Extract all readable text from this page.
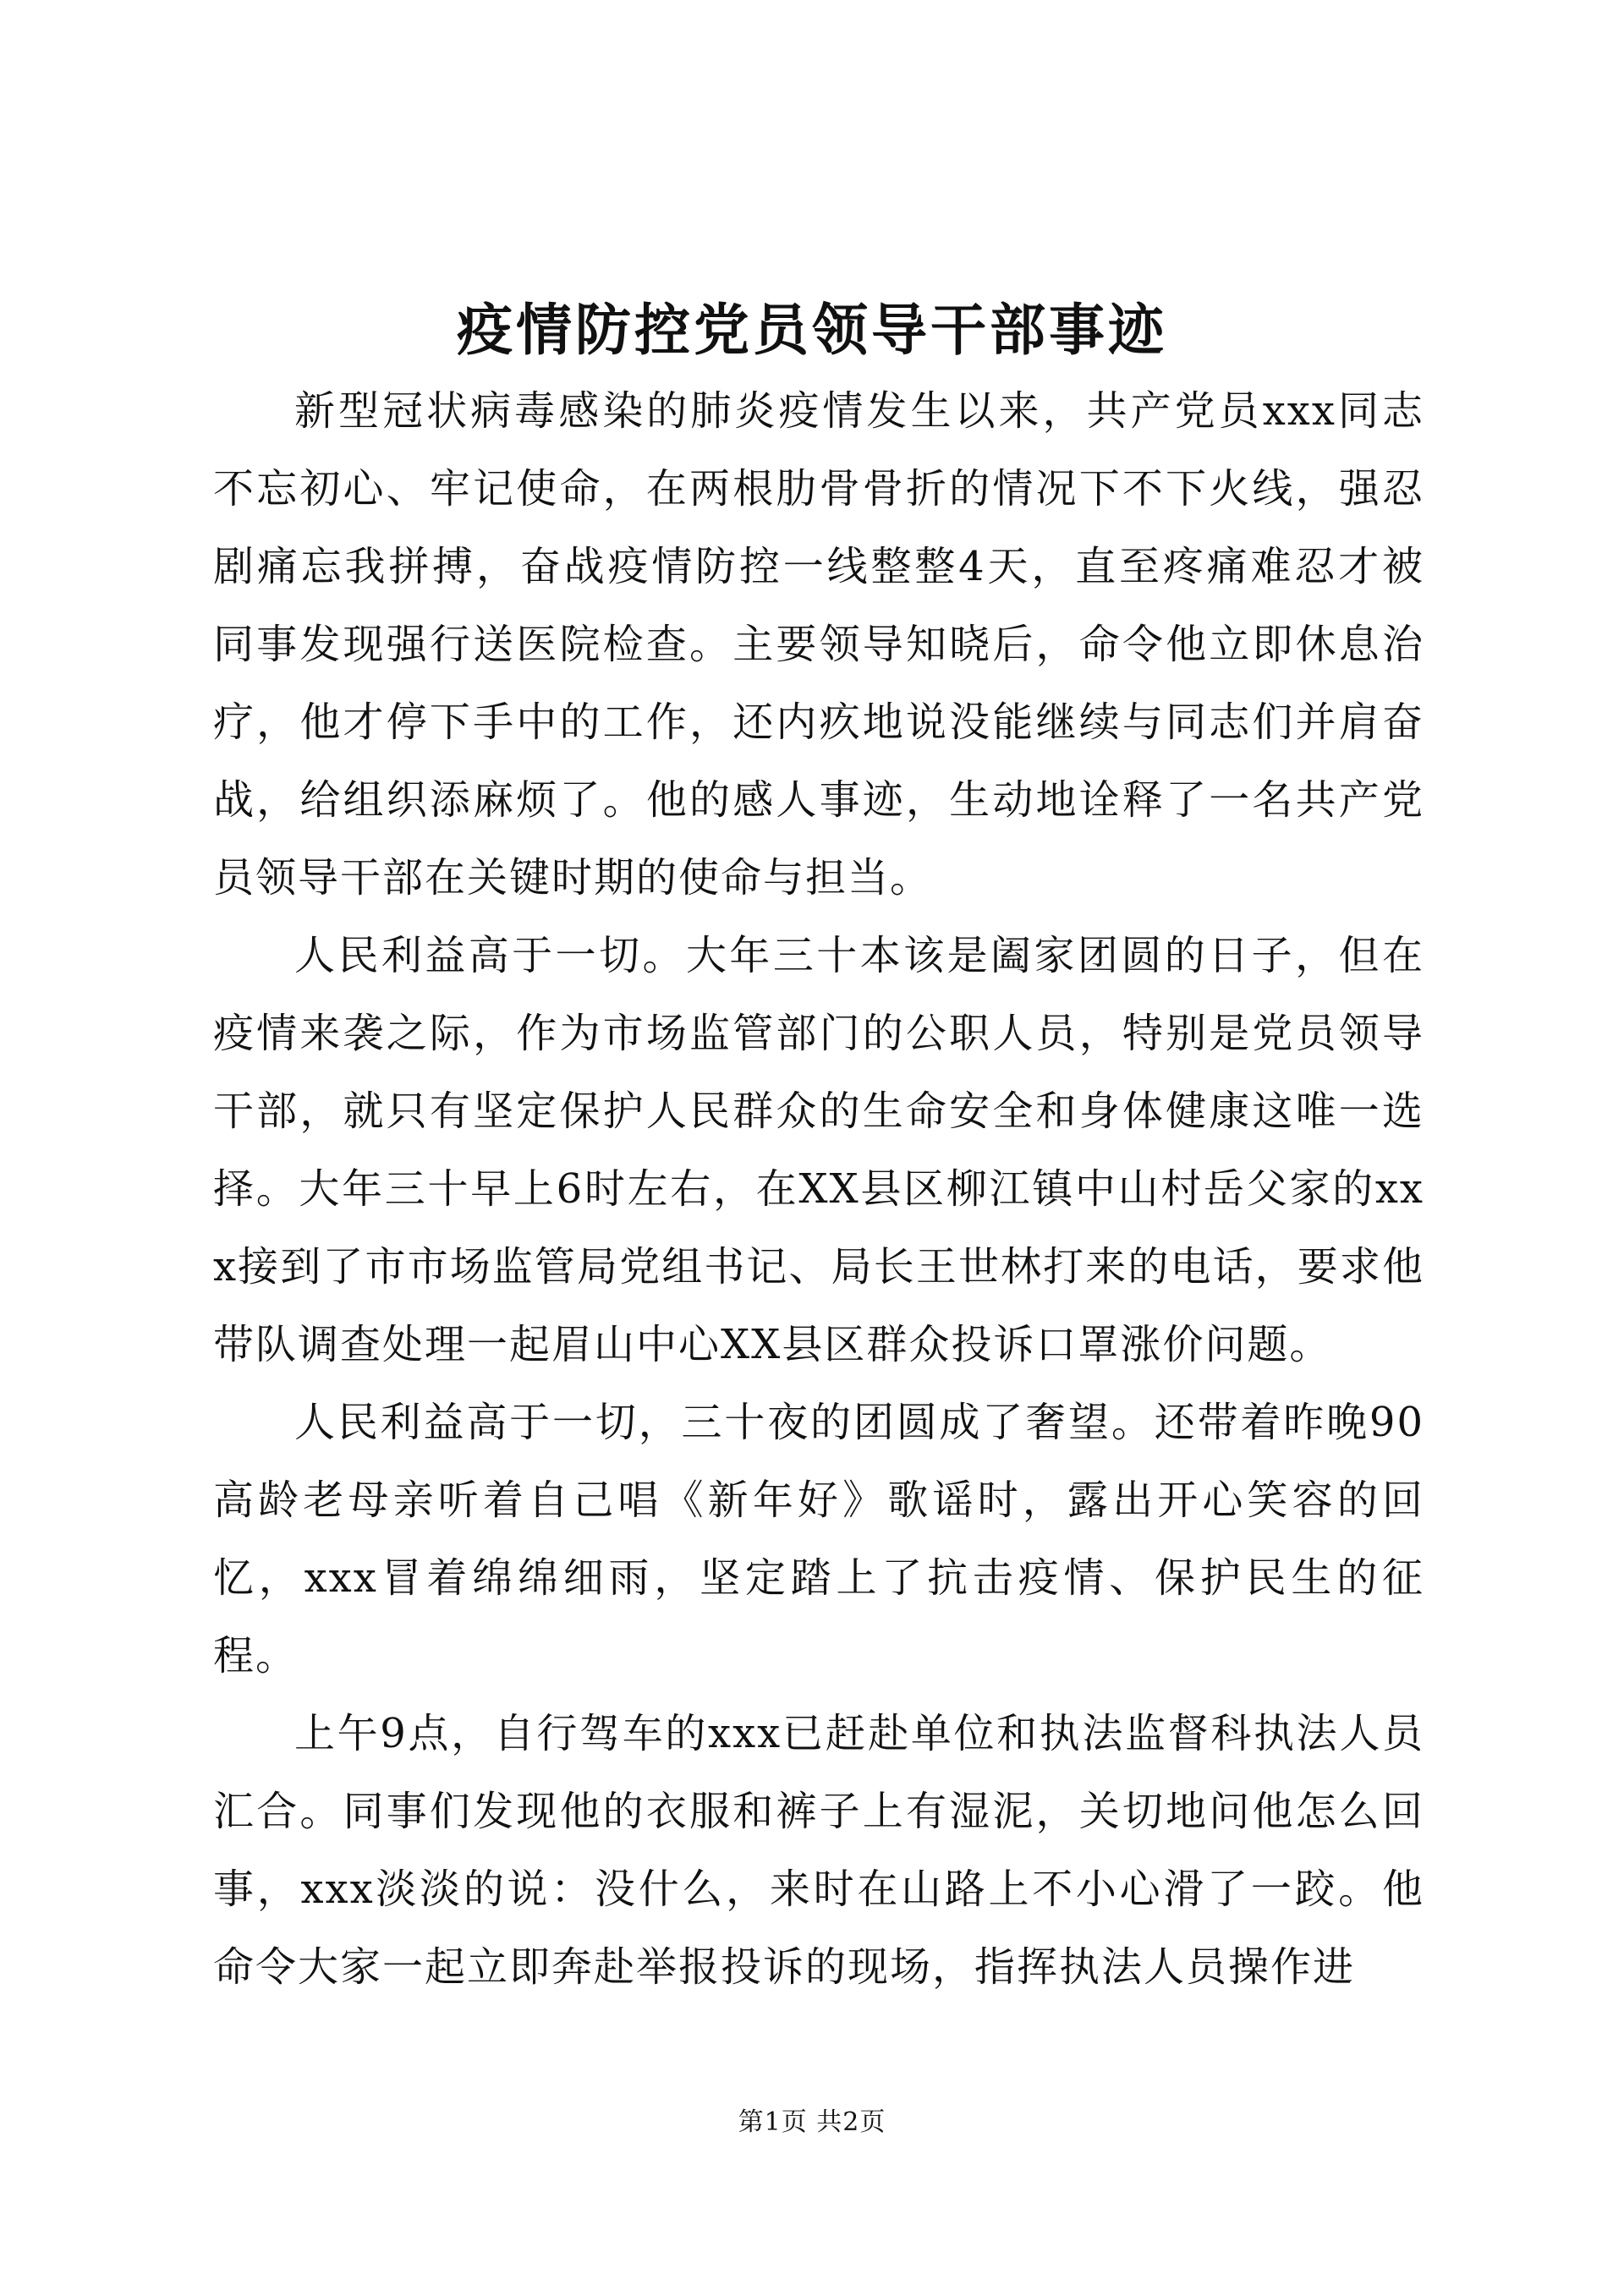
疫情防控党员领导干部事迹

新型冠状病毒感染的肺炎疫情发生以来，共产党员xxx同志不忘初心、牢记使命，在两根肋骨骨折的情况下不下火线，强忍剧痛忘我拼搏，奋战疫情防控一线整整4天，直至疼痛难忍才被同事发现强行送医院检查。主要领导知晓后，命令他立即休息治疗，他才停下手中的工作，还内疚地说没能继续与同志们并肩奋战，给组织添麻烦了。他的感人事迹，生动地诠释了一名共产党员领导干部在关键时期的使命与担当。

人民利益高于一切。大年三十本该是阖家团圆的日子，但在疫情来袭之际，作为市场监管部门的公职人员，特别是党员领导干部，就只有坚定保护人民群众的生命安全和身体健康这唯一选择。大年三十早上6时左右，在XX县区柳江镇中山村岳父家的xxx接到了市市场监管局党组书记、局长王世林打来的电话，要求他带队调查处理一起眉山中心XX县区群众投诉口罩涨价问题。

人民利益高于一切，三十夜的团圆成了奢望。还带着昨晚90高龄老母亲听着自己唱《新年好》歌谣时，露出开心笑容的回忆，xxx冒着绵绵细雨，坚定踏上了抗击疫情、保护民生的征程。

上午9点，自行驾车的xxx已赶赴单位和执法监督科执法人员汇合。同事们发现他的衣服和裤子上有湿泥，关切地问他怎么回事，xxx淡淡的说：没什么，来时在山路上不小心滑了一跤。他命令大家一起立即奔赴举报投诉的现场，指挥执法人员操作进

第1页 共2页
